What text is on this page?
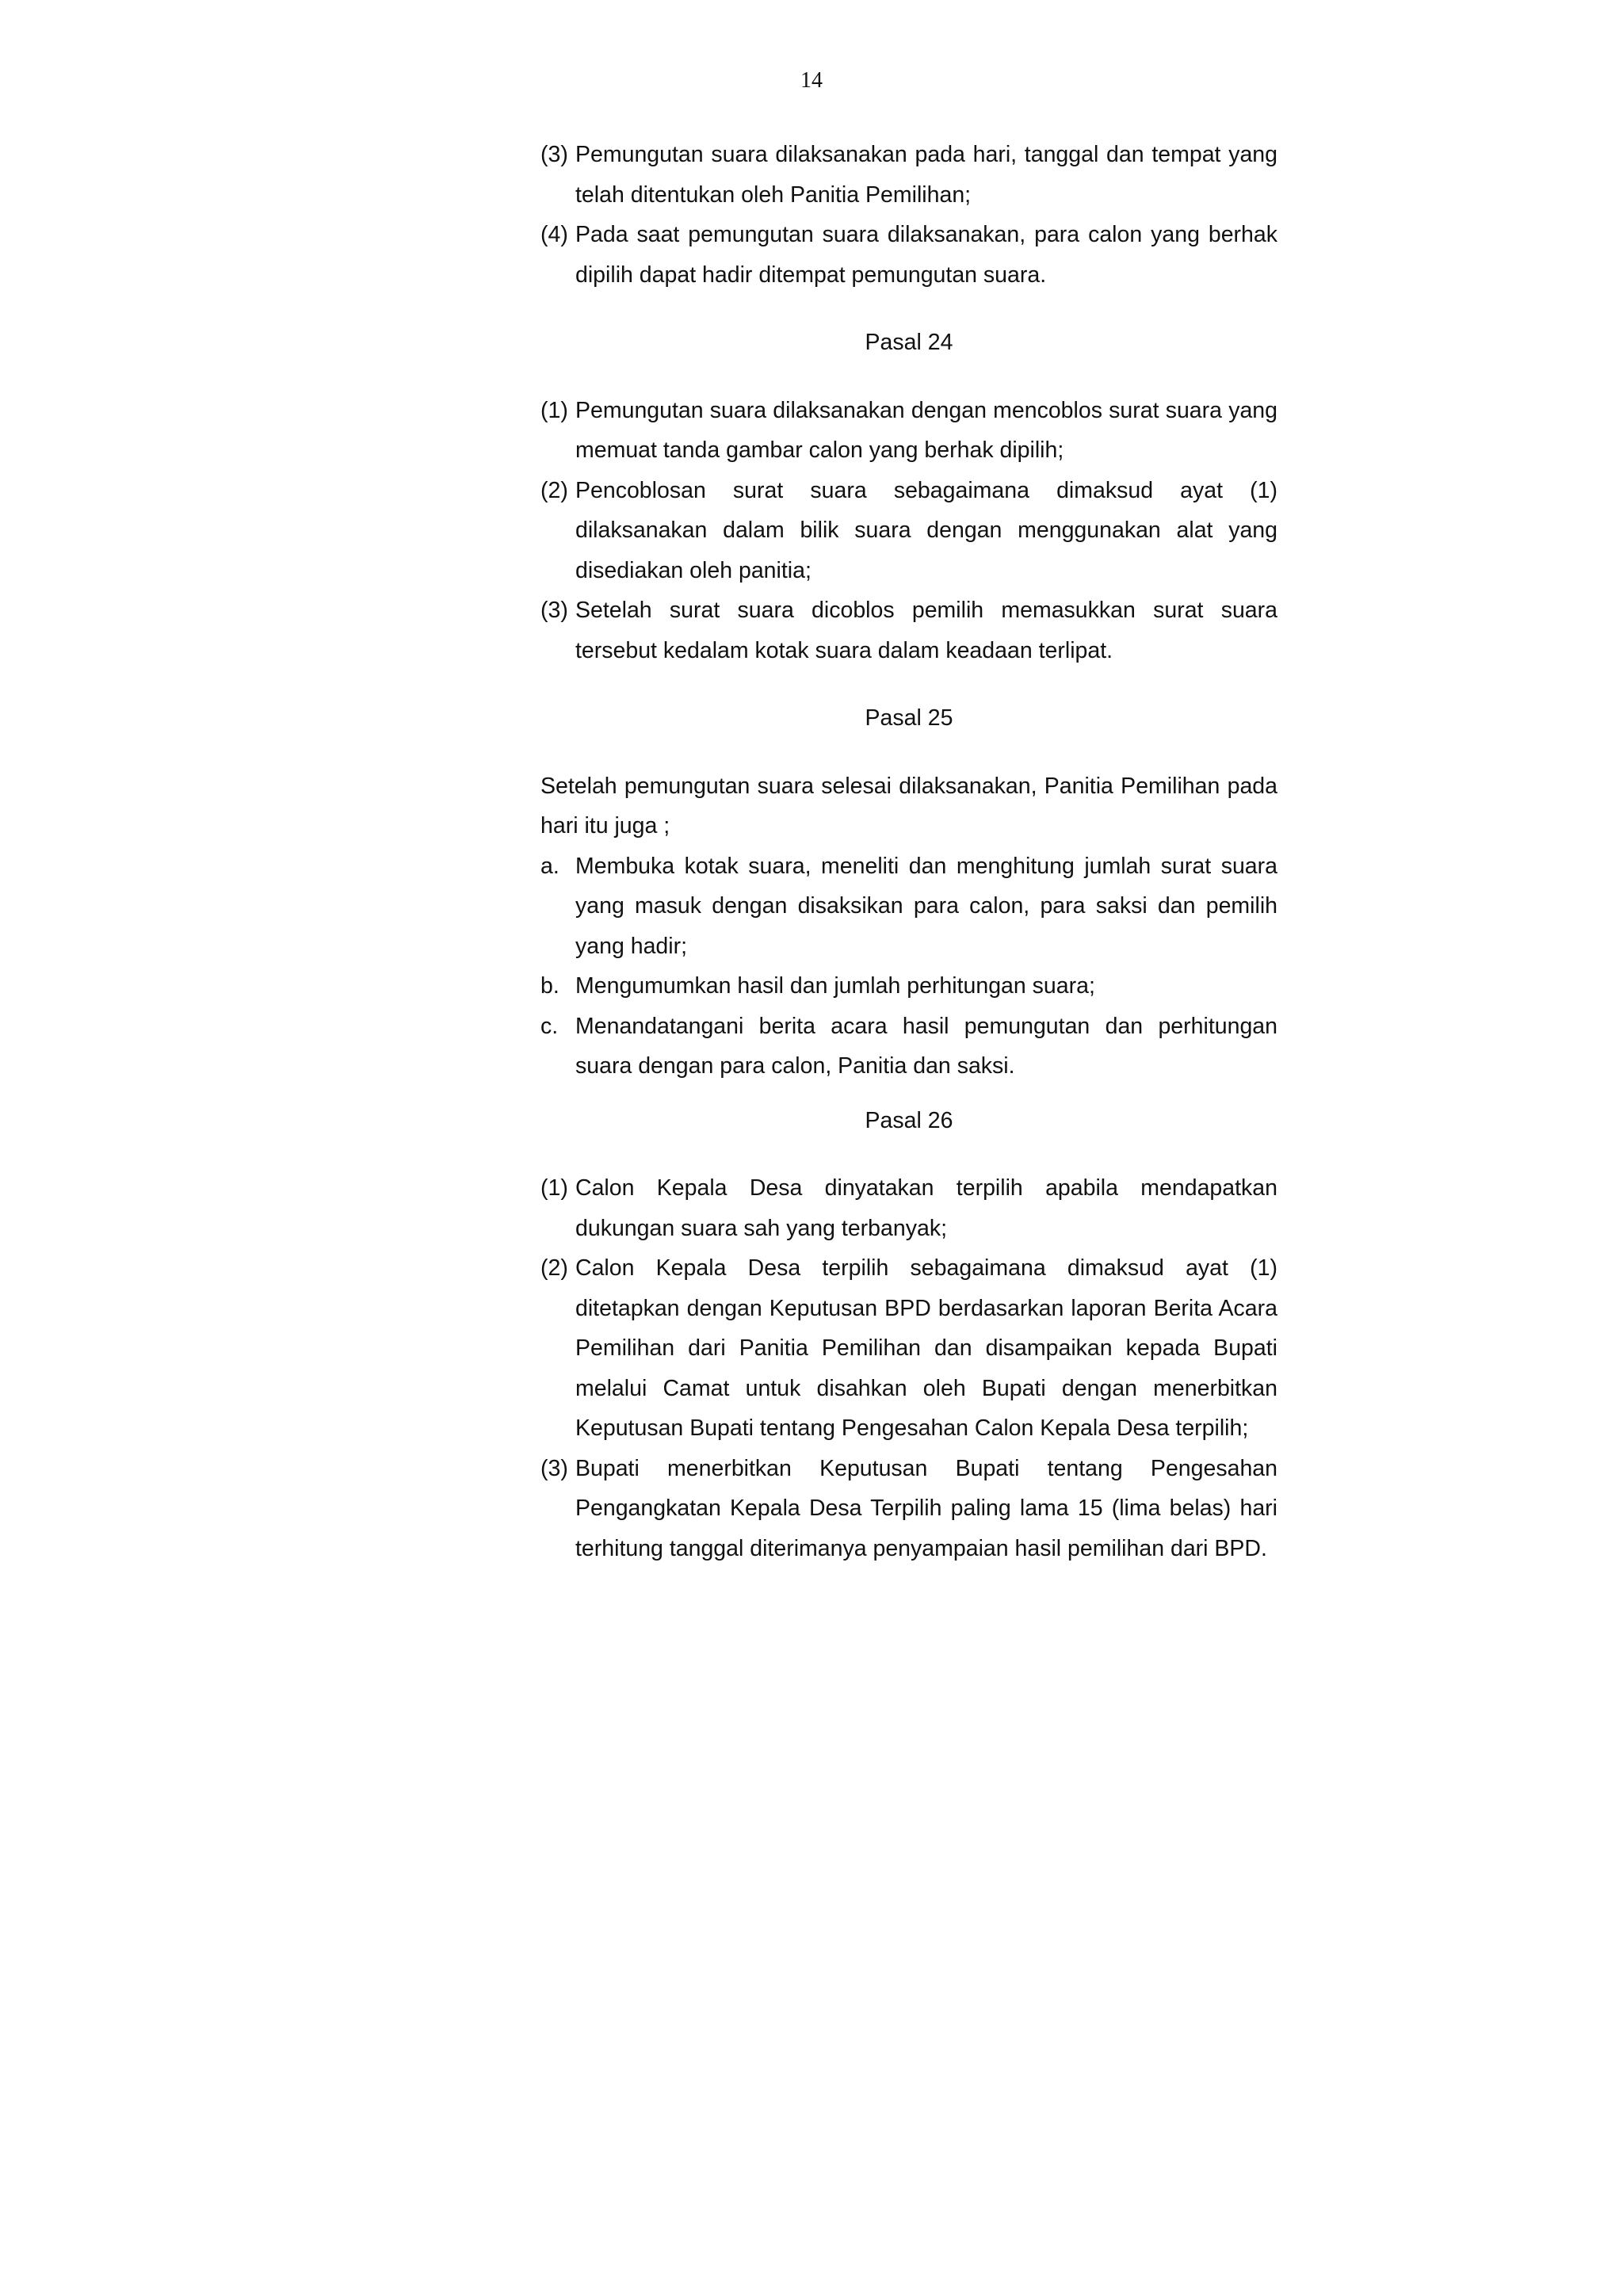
14
(3) Pemungutan suara dilaksanakan pada hari, tanggal dan tempat yang telah ditentukan oleh Panitia Pemilihan;
(4) Pada saat pemungutan suara dilaksanakan, para calon yang berhak dipilih dapat hadir ditempat pemungutan suara.
Pasal 24
(1) Pemungutan suara dilaksanakan dengan mencoblos surat suara yang memuat tanda gambar calon yang berhak dipilih;
(2) Pencoblosan surat suara sebagaimana dimaksud ayat (1) dilaksanakan dalam bilik suara dengan menggunakan alat yang disediakan oleh panitia;
(3) Setelah surat suara dicoblos pemilih memasukkan surat suara tersebut kedalam kotak suara dalam keadaan terlipat.
Pasal 25
Setelah pemungutan suara selesai dilaksanakan, Panitia Pemilihan pada hari itu juga ;
a. Membuka kotak suara, meneliti dan menghitung jumlah surat suara yang masuk dengan disaksikan para calon, para saksi dan pemilih yang hadir;
b. Mengumumkan hasil dan jumlah perhitungan suara;
c. Menandatangani berita acara hasil pemungutan dan perhitungan suara dengan para calon, Panitia dan saksi.
Pasal 26
(1) Calon Kepala Desa dinyatakan terpilih apabila mendapatkan dukungan suara sah yang terbanyak;
(2) Calon Kepala Desa terpilih sebagaimana dimaksud ayat (1) ditetapkan dengan Keputusan BPD berdasarkan laporan Berita Acara Pemilihan dari Panitia Pemilihan dan disampaikan kepada Bupati melalui Camat untuk disahkan oleh Bupati dengan menerbitkan Keputusan Bupati tentang Pengesahan Calon Kepala Desa terpilih;
(3) Bupati menerbitkan Keputusan Bupati tentang Pengesahan Pengangkatan Kepala Desa Terpilih paling lama 15 (lima belas) hari terhitung tanggal diterimanya penyampaian hasil pemilihan dari BPD.
